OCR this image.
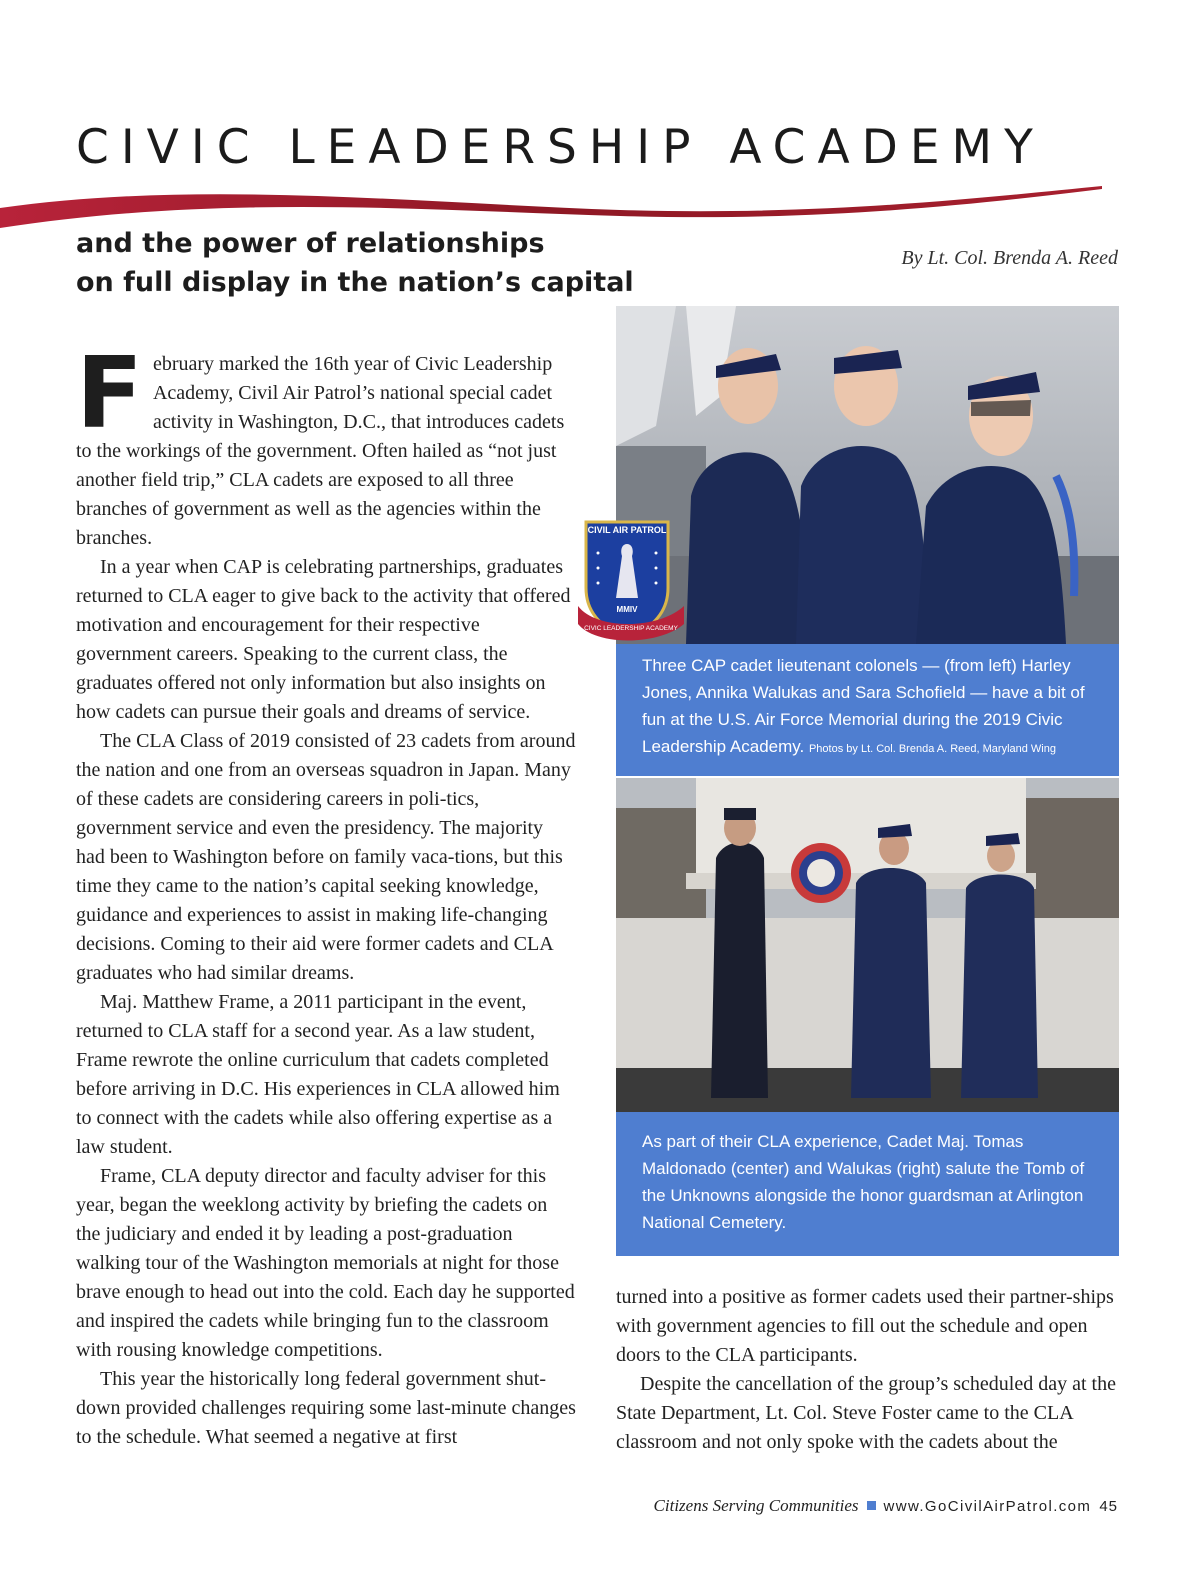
CIVIC LEADERSHIP ACADEMY
and the power of relationships
on full display in the nation’s capital
By Lt. Col. Brenda A. Reed

February marked the 16th year of Civic Leadership Academy, Civil Air Patrol’s national special cadet activity in Washington, D.C., that introduces cadets to the workings of the government. Often hailed as “not just another field trip,” CLA cadets are exposed to all three branches of government as well as the agencies within the branches.

In a year when CAP is celebrating partnerships, graduates returned to CLA eager to give back to the activity that offered motivation and encouragement for their respective government careers. Speaking to the current class, the graduates offered not only information but also insights on how cadets can pursue their goals and dreams of service.

The CLA Class of 2019 consisted of 23 cadets from around the nation and one from an overseas squadron in Japan. Many of these cadets are considering careers in poli-tics, government service and even the presidency. The majority had been to Washington before on family vaca-tions, but this time they came to the nation’s capital seeking knowledge, guidance and experiences to assist in making life-changing decisions. Coming to their aid were former cadets and CLA graduates who had similar dreams.

Maj. Matthew Frame, a 2011 participant in the event, returned to CLA staff for a second year. As a law student, Frame rewrote the online curriculum that cadets completed before arriving in D.C. His experiences in CLA allowed him to connect with the cadets while also offering expertise as a law student.

Frame, CLA deputy director and faculty adviser for this year, began the weeklong activity by briefing the cadets on the judiciary and ended it by leading a post-graduation walking tour of the Washington memorials at night for those brave enough to head out into the cold. Each day he supported and inspired the cadets while bringing fun to the classroom with rousing knowledge competitions.

This year the historically long federal government shut-down provided challenges requiring some last-minute changes to the schedule. What seemed a negative at first

CIVIL AIR PATROL
MMIV
CIVIC LEADERSHIP ACADEMY
Three CAP cadet lieutenant colonels — (from left) Harley Jones, Annika Walukas and Sara Schofield — have a bit of fun at the U.S. Air Force Memorial during the 2019 Civic Leadership Academy. Photos by Lt. Col. Brenda A. Reed, Maryland Wing
As part of their CLA experience, Cadet Maj. Tomas Maldonado (center) and Walukas (right) salute the Tomb of the Unknowns alongside the honor guardsman at Arlington National Cemetery.

turned into a positive as former cadets used their partner-ships with government agencies to fill out the schedule and open doors to the CLA participants.

Despite the cancellation of the group’s scheduled day at the State Department, Lt. Col. Steve Foster came to the CLA classroom and not only spoke with the cadets about the

Citizens Serving Communities www.GoCivilAirPatrol.com 45
